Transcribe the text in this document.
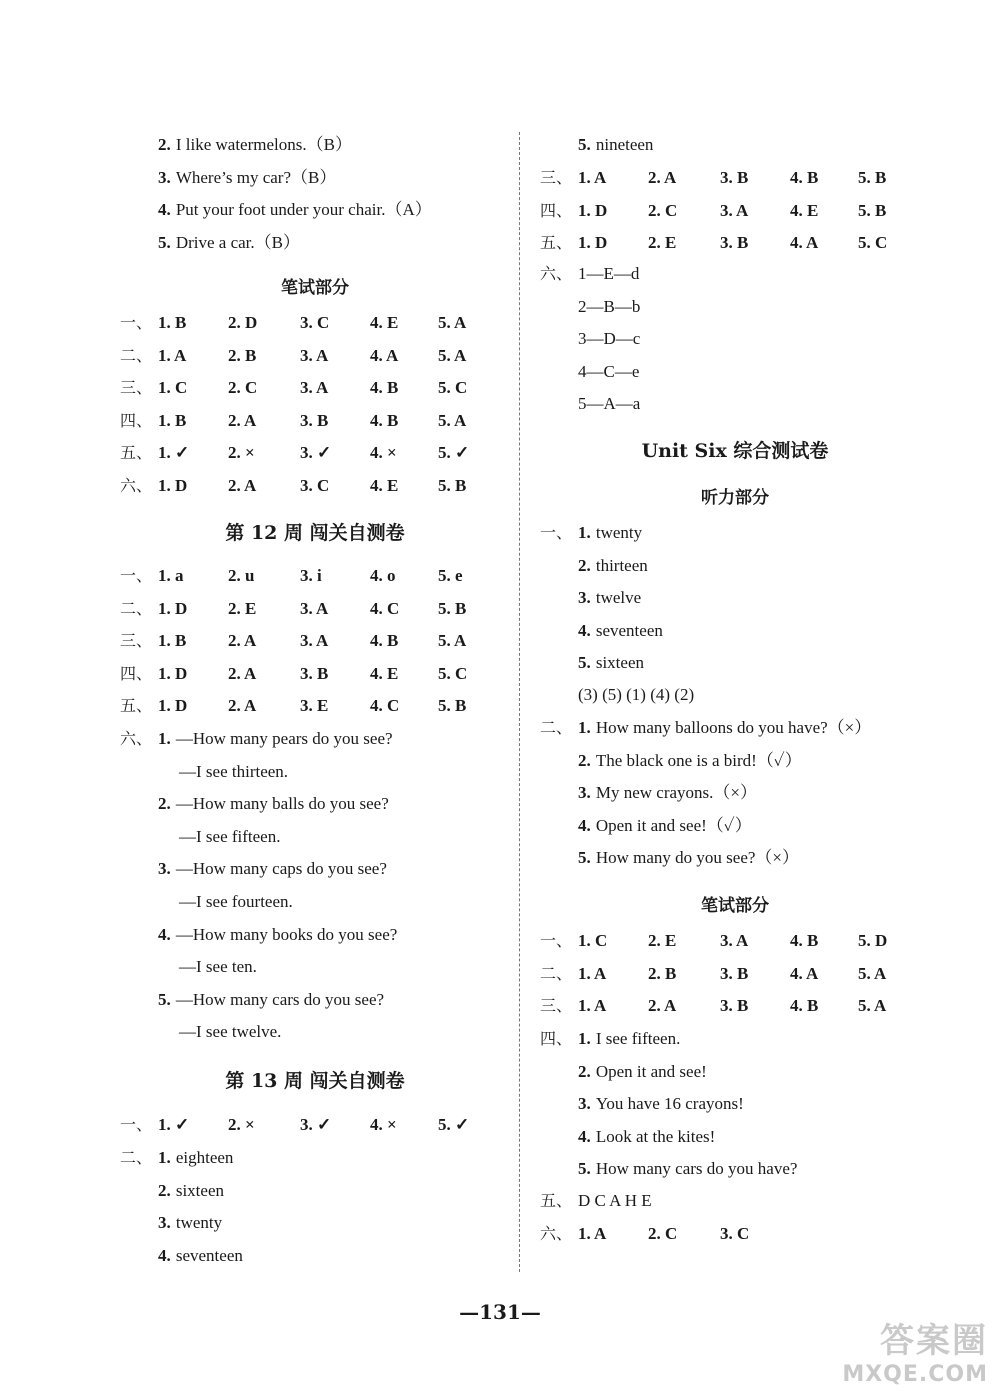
2. I like watermelons.（B）
3. Where’s my car?（B）
4. Put your foot under your chair.（A）
5. Drive a car.（B）
笔试部分
一、 1. B 2. D	3. C 4. E 5. A
二、 1. A 2. B	3. A 4. A 5. A
三、 1. C 2. C	3. A 4. B 5. C
四、 1. B 2. A	3. B 4. B 5. A
五、 1. ✓ 2. ×	3. ✓ 4. × 5. ✓
六、 1. D 2. A	3. C 4. E 5. B
第 12 周 闯关自测卷
一、 1. a	2. u	3. i	4. o	5. e
二、 1. D 2. E	3. A 4. C 5. B
三、 1. B 2. A	3. A 4. B 5. A
四、 1. D 2. A	3. B 4. E 5. C
五、 1. D 2. A	3. E 4. C 5. B
六、 1. —How many pears do you see?
—I see thirteen.
2. —How many balls do you see?
—I see fifteen.
3. —How many caps do you see?
—I see fourteen.
4. —How many books do you see?
—I see ten.
5. —How many cars do you see?
—I see twelve.
第 13 周 闯关自测卷
一、 1. ✓ 2. ×	3. ✓ 4. × 5. ✓
二、 1. eighteen
2. sixteen
3. twenty
4. seventeen
5. nineteen
三、 1. A 2. A	3. B 4. B 5. B
四、 1. D 2. C	3. A 4. E 5. B
五、 1. D 2. E	3. B 4. A 5. C
六、 1—E—d
2—B—b
3—D—c
4—C—e
5—A—a
Unit Six 综合测试卷
听力部分
一、 1. twenty
2. thirteen
3. twelve
4. seventeen
5. sixteen
(3) (5) (1) (4) (2)
二、 1. How many balloons do you have?（×）
2. The black one is a bird!（✓）
3. My new crayons.（×）
4. Open it and see!（✓）
5. How many do you see?（×）
笔试部分
一、 1. C 2. E	3. A 4. B 5. D
二、 1. A 2. B	3. B 4. A 5. A
三、 1. A 2. A	3. B 4. B 5. A
四、 1. I see fifteen.
2. Open it and see!
3. You have 16 crayons!
4. Look at the kites!
5. How many cars do you have?
五、 D C A H E
六、 1. A 2. C	3. C
—131—
答案圈
MXQE.COM
